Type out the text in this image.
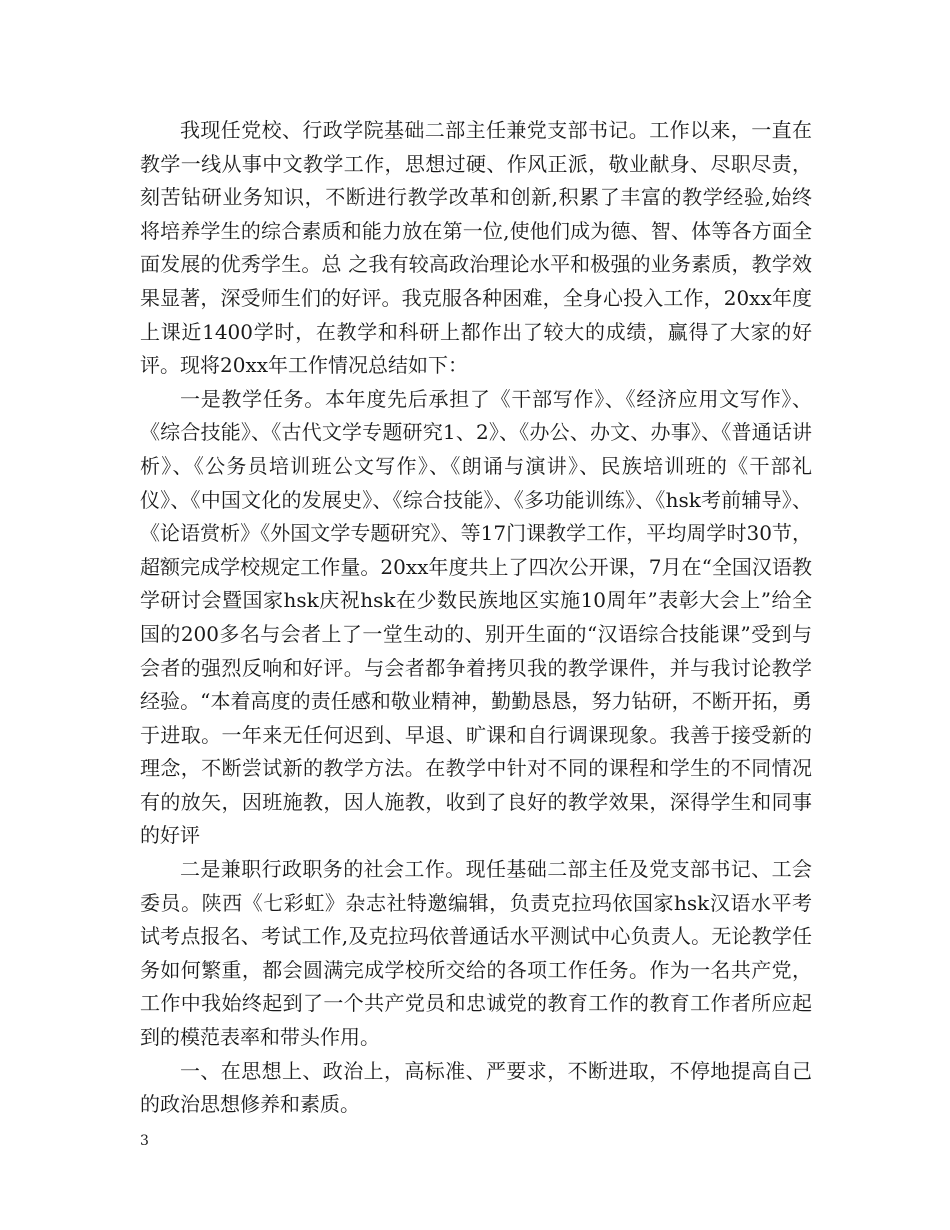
我现任党校、行政学院基础二部主任兼党支部书记。工作以来，一直在教学一线从事中文教学工作，思想过硬、作风正派，敬业献身、尽职尽责，刻苦钻研业务知识，不断进行教学改革和创新,积累了丰富的教学经验,始终将培养学生的综合素质和能力放在第一位,使他们成为德、智、体等各方面全面发展的优秀学生。总 之我有较高政治理论水平和极强的业务素质，教学效果显著，深受师生们的好评。我克服各种困难，全身心投入工作，20xx年度上课近1400学时，在教学和科研上都作出了较大的成绩，赢得了大家的好评。现将20xx年工作情况总结如下：

一是教学任务。本年度先后承担了《干部写作》、《经济应用文写作》、《综合技能》、《古代文学专题研究1、2》、《办公、办文、办事》、《普通话讲析》、《公务员培训班公文写作》、《朗诵与演讲》、民族培训班的《干部礼仪》、《中国文化的发展史》、《综合技能》、《多功能训练》、《hsk考前辅导》、《论语赏析》《外国文学专题研究》、等17门课教学工作，平均周学时30节，超额完成学校规定工作量。20xx年度共上了四次公开课，7月在“全国汉语教学研讨会暨国家hsk庆祝hsk在少数民族地区实施10周年”表彰大会上”给全国的200多名与会者上了一堂生动的、别开生面的“汉语综合技能课”受到与会者的强烈反响和好评。与会者都争着拷贝我的教学课件，并与我讨论教学经验。“本着高度的责任感和敬业精神，勤勤恳恳，努力钻研，不断开拓，勇于进取。一年来无任何迟到、早退、旷课和自行调课现象。我善于接受新的理念，不断尝试新的教学方法。在教学中针对不同的课程和学生的不同情况有的放矢，因班施教，因人施教，收到了良好的教学效果，深得学生和同事的好评

二是兼职行政职务的社会工作。现任基础二部主任及党支部书记、工会委员。陕西《七彩虹》杂志社特邀编辑，负责克拉玛依国家hsk汉语水平考试考点报名、考试工作,及克拉玛依普通话水平测试中心负责人。无论教学任务如何繁重，都会圆满完成学校所交给的各项工作任务。作为一名共产党，工作中我始终起到了一个共产党员和忠诚党的教育工作的教育工作者所应起到的模范表率和带头作用。

一、在思想上、政治上，高标准、严要求，不断进取，不停地提高自己的政治思想修养和素质。

3
